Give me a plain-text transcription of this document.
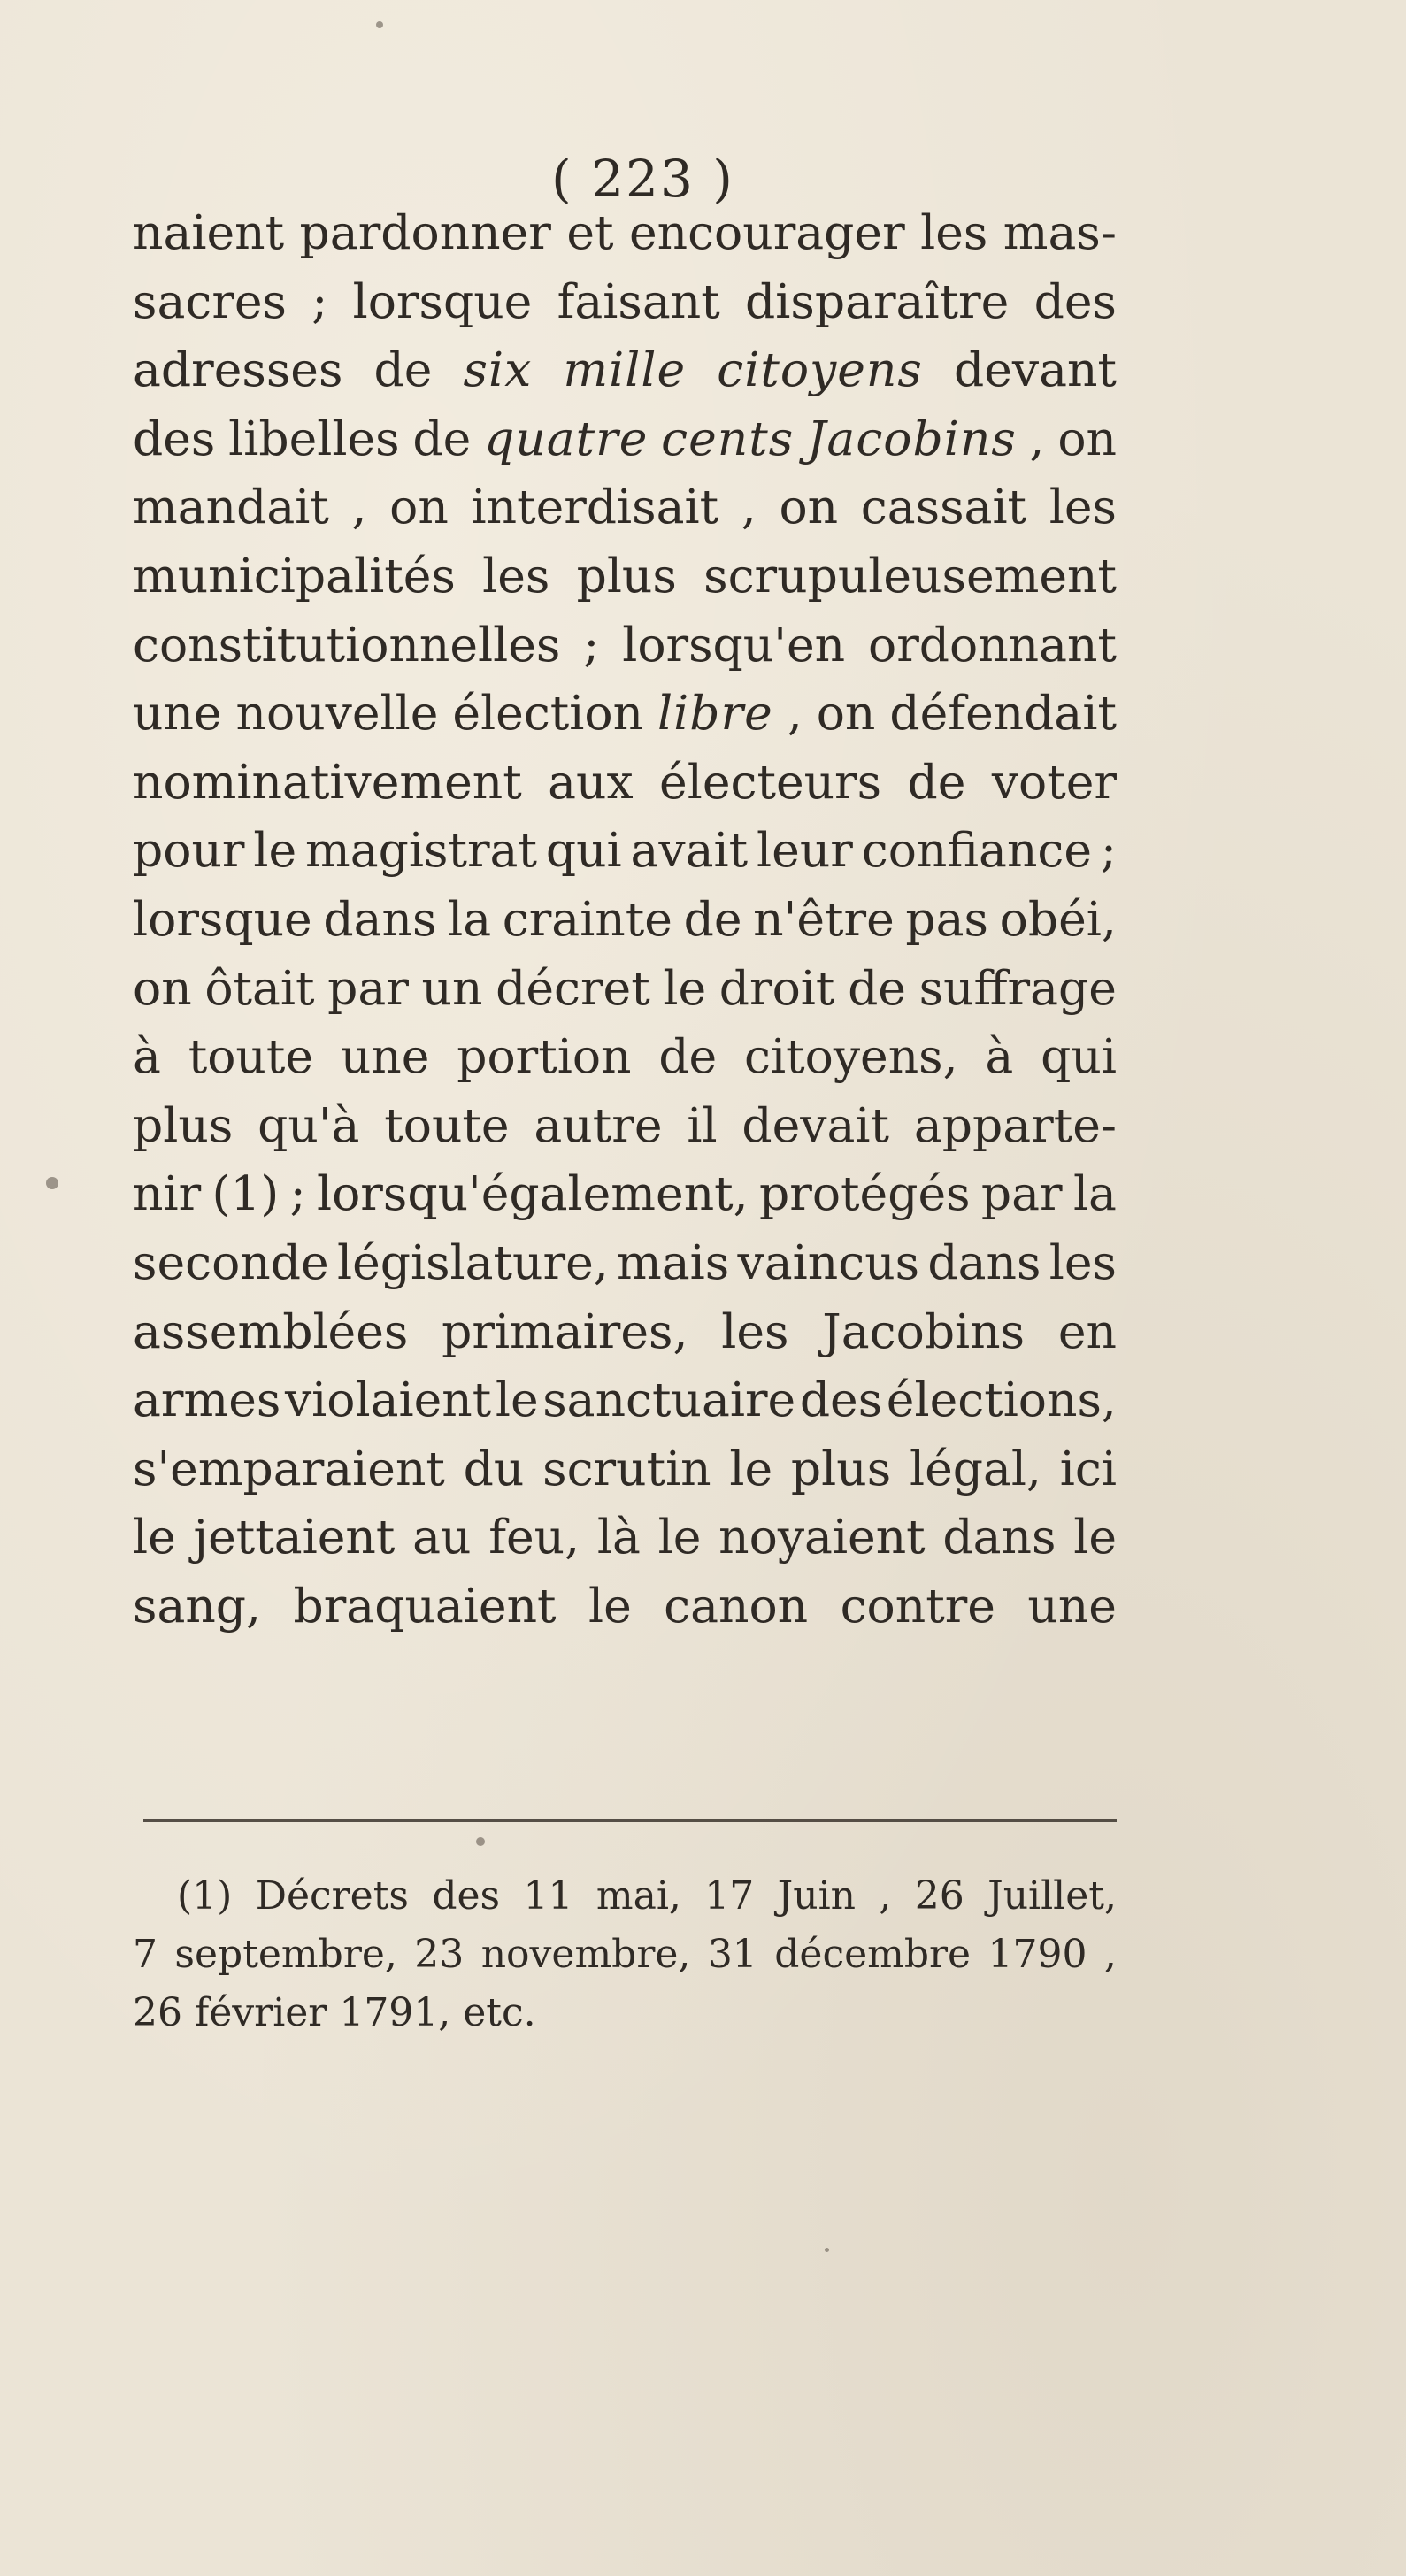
( 223 )
naient pardonner et encourager les mas-
sacres ; lorsque faisant disparaître des
adresses de six mille citoyens devant
des libelles de quatre cents Jacobins , on
mandait , on interdisait , on cassait les
municipalités les plus scrupuleusement
constitutionnelles ; lorsqu'en ordonnant
une nouvelle élection libre , on défendait
nominativement aux électeurs de voter
pour le magistrat qui avait leur confiance ;
lorsque dans la crainte de n'être pas obéi,
on ôtait par un décret le droit de suffrage
à toute une portion de citoyens, à qui
plus qu'à toute autre il devait apparte-
nir (1) ; lorsqu'également, protégés par la
seconde législature, mais vaincus dans les
assemblées primaires, les Jacobins en
armes violaient le sanctuaire des élections,
s'emparaient du scrutin le plus légal, ici
le jettaient au feu, là le noyaient dans le
sang, braquaient le canon contre une
(1) Décrets des 11 mai, 17 Juin , 26 Juillet,
7 septembre, 23 novembre, 31 décembre 1790 ,
26 février 1791, etc.
